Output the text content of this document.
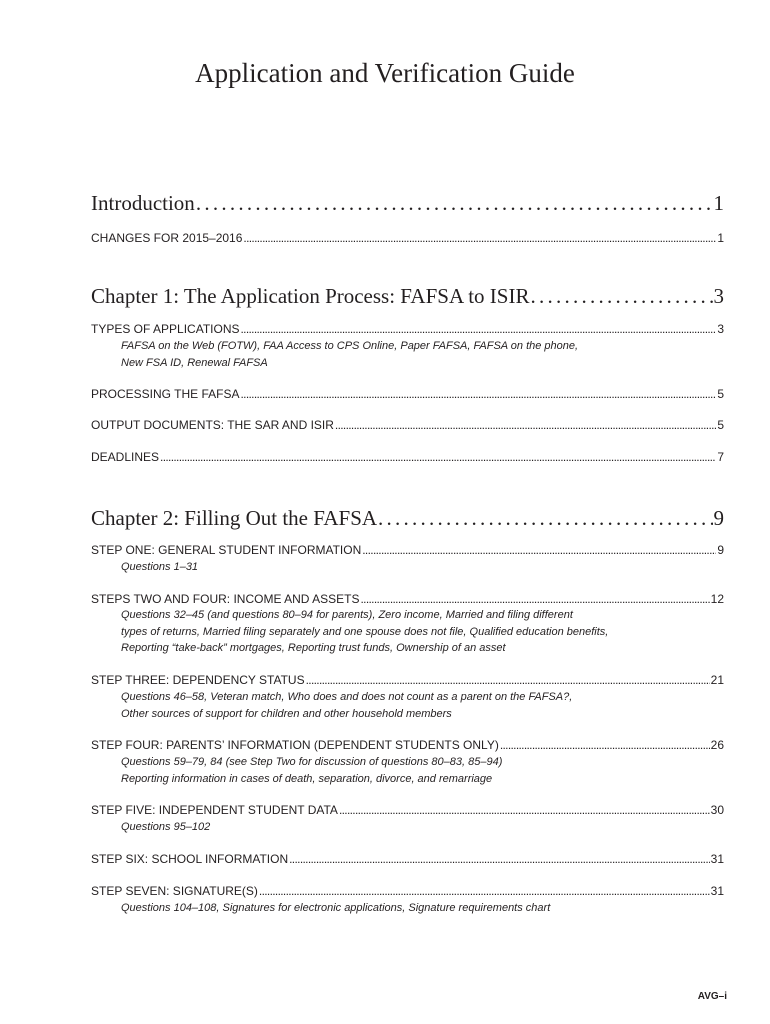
Application and Verification Guide
Introduction . . .	1
CHANGES FOR 2015–2016 . . .	1
Chapter 1: The Application Process: FAFSA to ISIR . . .	3
TYPES OF APPLICATIONS . . .	3
FAFSA on the Web (FOTW), FAA Access to CPS Online, Paper FAFSA, FAFSA on the phone,
New FSA ID, Renewal FAFSA
PROCESSING THE FAFSA . . .	5
OUTPUT DOCUMENTS: THE SAR AND ISIR . . .	5
DEADLINES . . .	7
Chapter 2: Filling Out the FAFSA . . .	9
STEP ONE: GENERAL STUDENT INFORMATION . . .	9
Questions 1–31
STEPS TWO AND FOUR: INCOME AND ASSETS . . .	12
Questions 32–45 (and questions 80–94 for parents), Zero income, Married and filing different
types of returns, Married filing separately and one spouse does not file, Qualified education benefits,
Reporting “take-back” mortgages, Reporting trust funds, Ownership of an asset
STEP THREE: DEPENDENCY STATUS . . .	21
Questions 46–58, Veteran match, Who does and does not count as a parent on the FAFSA?,
Other sources of support for children and other household members
STEP FOUR: PARENTS’ INFORMATION (DEPENDENT STUDENTS ONLY) . . .	26
Questions 59–79, 84 (see Step Two for discussion of questions 80–83, 85–94)
Reporting information in cases of death, separation, divorce, and remarriage
STEP FIVE: INDEPENDENT STUDENT DATA . . .	30
Questions 95–102
STEP SIX: SCHOOL INFORMATION . . .	31
STEP SEVEN: SIGNATURE(S) . . .	31
Questions 104–108, Signatures for electronic applications, Signature requirements chart
AVG–i
